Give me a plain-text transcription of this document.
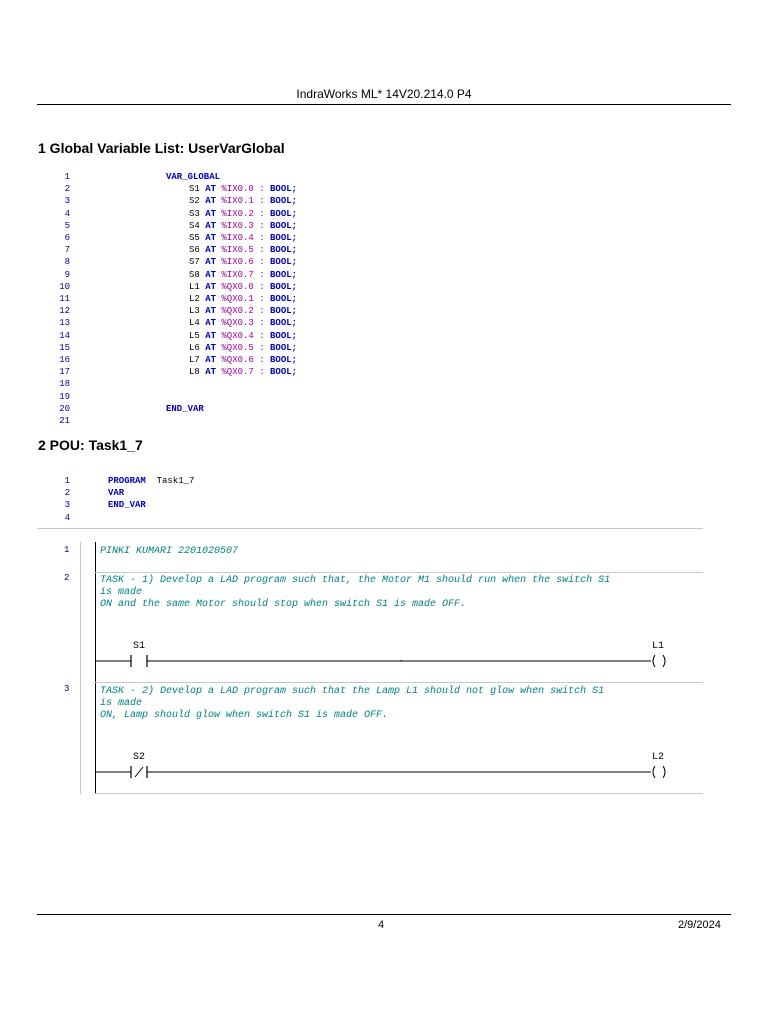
IndraWorks ML* 14V20.214.0 P4
1 Global Variable List: UserVarGlobal
1	VAR_GLOBAL
2	S1 AT %IX0.0 : BOOL;
3	S2 AT %IX0.1 : BOOL;
4	S3 AT %IX0.2 : BOOL;
5	S4 AT %IX0.3 : BOOL;
6	S5 AT %IX0.4 : BOOL;
7	S6 AT %IX0.5 : BOOL;
8	S7 AT %IX0.6 : BOOL;
9	S8 AT %IX0.7 : BOOL;
10	L1 AT %QX0.0 : BOOL;
11	L2 AT %QX0.1 : BOOL;
12	L3 AT %QX0.2 : BOOL;
13	L4 AT %QX0.3 : BOOL;
14	L5 AT %QX0.4 : BOOL;
15	L6 AT %QX0.5 : BOOL;
16	L7 AT %QX0.6 : BOOL;
17	L8 AT %QX0.7 : BOOL;
18
19
20	END_VAR
21
2 POU: Task1_7
1	PROGRAM  Task1_7
2	VAR
3	END_VAR
4
1	PINKI KUMARI 2201020507
2	TASK - 1) Develop a LAD program such that, the Motor M1 should run when the switch S1
is made
ON and the same Motor should stop when switch S1 is made OFF.
S1	L1
3	TASK - 2) Develop a LAD program such that the Lamp L1 should not glow when switch S1
is made
ON, Lamp should glow when switch S1 is made OFF.
S2	L2
4	2/9/2024
